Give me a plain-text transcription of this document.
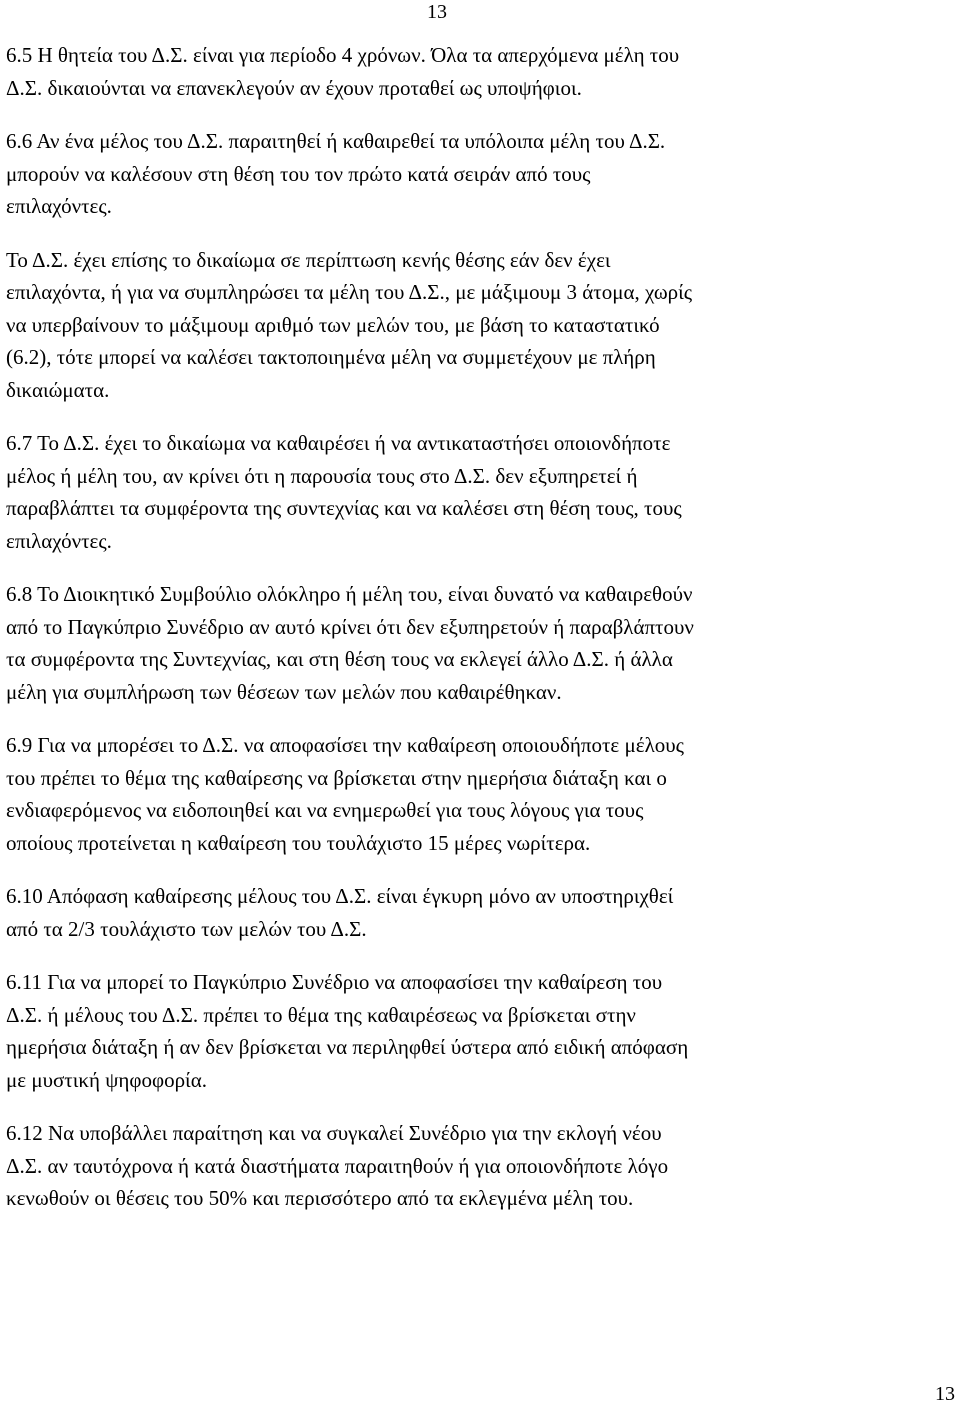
13

6.5 Η θητεία του Δ.Σ. είναι για περίοδο 4 χρόνων. Όλα τα απερχόμενα μέλη του
Δ.Σ. δικαιούνται να επανεκλεγούν αν έχουν προταθεί ως υποψήφιοι.

6.6 Αν ένα μέλος του Δ.Σ. παραιτηθεί ή καθαιρεθεί τα υπόλοιπα μέλη του Δ.Σ.
μπορούν να καλέσουν στη θέση του τον πρώτο κατά σειράν από τους
επιλαχόντες.

Το Δ.Σ. έχει επίσης το δικαίωμα σε περίπτωση κενής θέσης εάν δεν έχει
επιλαχόντα, ή για να συμπληρώσει τα μέλη του Δ.Σ., με μάξιμουμ 3 άτομα, χωρίς
να υπερβαίνουν το μάξιμουμ αριθμό των μελών του, με βάση το καταστατικό
(6.2), τότε μπορεί να καλέσει τακτοποιημένα μέλη να συμμετέχουν με πλήρη
δικαιώματα.

6.7 Το Δ.Σ. έχει το δικαίωμα να καθαιρέσει ή να αντικαταστήσει οποιονδήποτε
μέλος ή μέλη του, αν κρίνει ότι η παρουσία τους στο Δ.Σ. δεν εξυπηρετεί ή
παραβλάπτει τα συμφέροντα της συντεχνίας και να καλέσει στη θέση τους, τους
επιλαχόντες.

6.8 Το Διοικητικό Συμβούλιο ολόκληρο ή μέλη του, είναι δυνατό να καθαιρεθούν
από το Παγκύπριο Συνέδριο αν αυτό κρίνει ότι δεν εξυπηρετούν ή παραβλάπτουν
τα συμφέροντα της Συντεχνίας, και στη θέση τους να εκλεγεί άλλο Δ.Σ. ή άλλα
μέλη για συμπλήρωση των θέσεων των μελών που καθαιρέθηκαν.

6.9 Για να μπορέσει το Δ.Σ. να αποφασίσει την καθαίρεση οποιουδήποτε μέλους
του πρέπει το θέμα της καθαίρεσης να βρίσκεται στην ημερήσια διάταξη και ο
ενδιαφερόμενος να ειδοποιηθεί και να ενημερωθεί για τους λόγους για τους
οποίους προτείνεται η καθαίρεση του τουλάχιστο 15 μέρες νωρίτερα.

6.10 Απόφαση καθαίρεσης μέλους του Δ.Σ. είναι έγκυρη μόνο αν υποστηριχθεί
από τα 2/3 τουλάχιστο των μελών του Δ.Σ.

6.11 Για να μπορεί το Παγκύπριο Συνέδριο να αποφασίσει την καθαίρεση του
Δ.Σ. ή μέλους του Δ.Σ. πρέπει το θέμα της καθαιρέσεως να βρίσκεται στην
ημερήσια διάταξη ή αν δεν βρίσκεται να περιληφθεί ύστερα από ειδική απόφαση
με μυστική ψηφοφορία.

6.12 Να υποβάλλει παραίτηση και να συγκαλεί Συνέδριο για την εκλογή νέου
Δ.Σ. αν ταυτόχρονα ή κατά διαστήματα παραιτηθούν ή για οποιονδήποτε λόγο
κενωθούν οι θέσεις του 50% και περισσότερο από τα εκλεγμένα μέλη του.

13
